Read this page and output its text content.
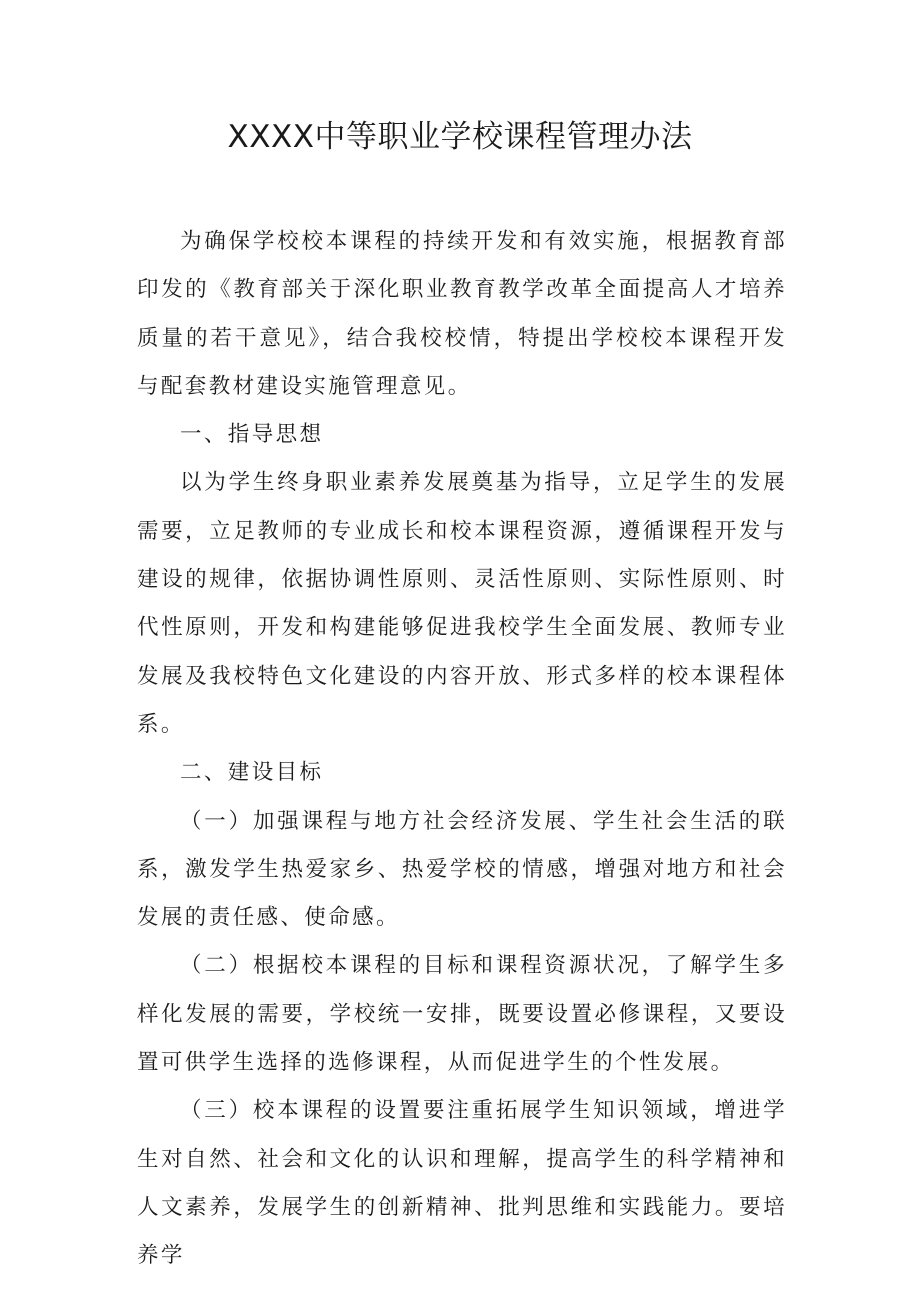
XXXX中等职业学校课程管理办法

为确保学校校本课程的持续开发和有效实施，根据教育部印发的《教育部关于深化职业教育教学改革全面提高人才培养质量的若干意见》，结合我校校情，特提出学校校本课程开发与配套教材建设实施管理意见。

一、指导思想

以为学生终身职业素养发展奠基为指导，立足学生的发展需要，立足教师的专业成长和校本课程资源，遵循课程开发与建设的规律，依据协调性原则、灵活性原则、实际性原则、时代性原则，开发和构建能够促进我校学生全面发展、教师专业发展及我校特色文化建设的内容开放、形式多样的校本课程体系。

二、建设目标

（一）加强课程与地方社会经济发展、学生社会生活的联系，激发学生热爱家乡、热爱学校的情感，增强对地方和社会发展的责任感、使命感。

（二）根据校本课程的目标和课程资源状况，了解学生多样化发展的需要，学校统一安排，既要设置必修课程，又要设置可供学生选择的选修课程，从而促进学生的个性发展。

（三）校本课程的设置要注重拓展学生知识领域，增进学生对自然、社会和文化的认识和理解，提高学生的科学精神和人文素养，发展学生的创新精神、批判思维和实践能力。要培养学
